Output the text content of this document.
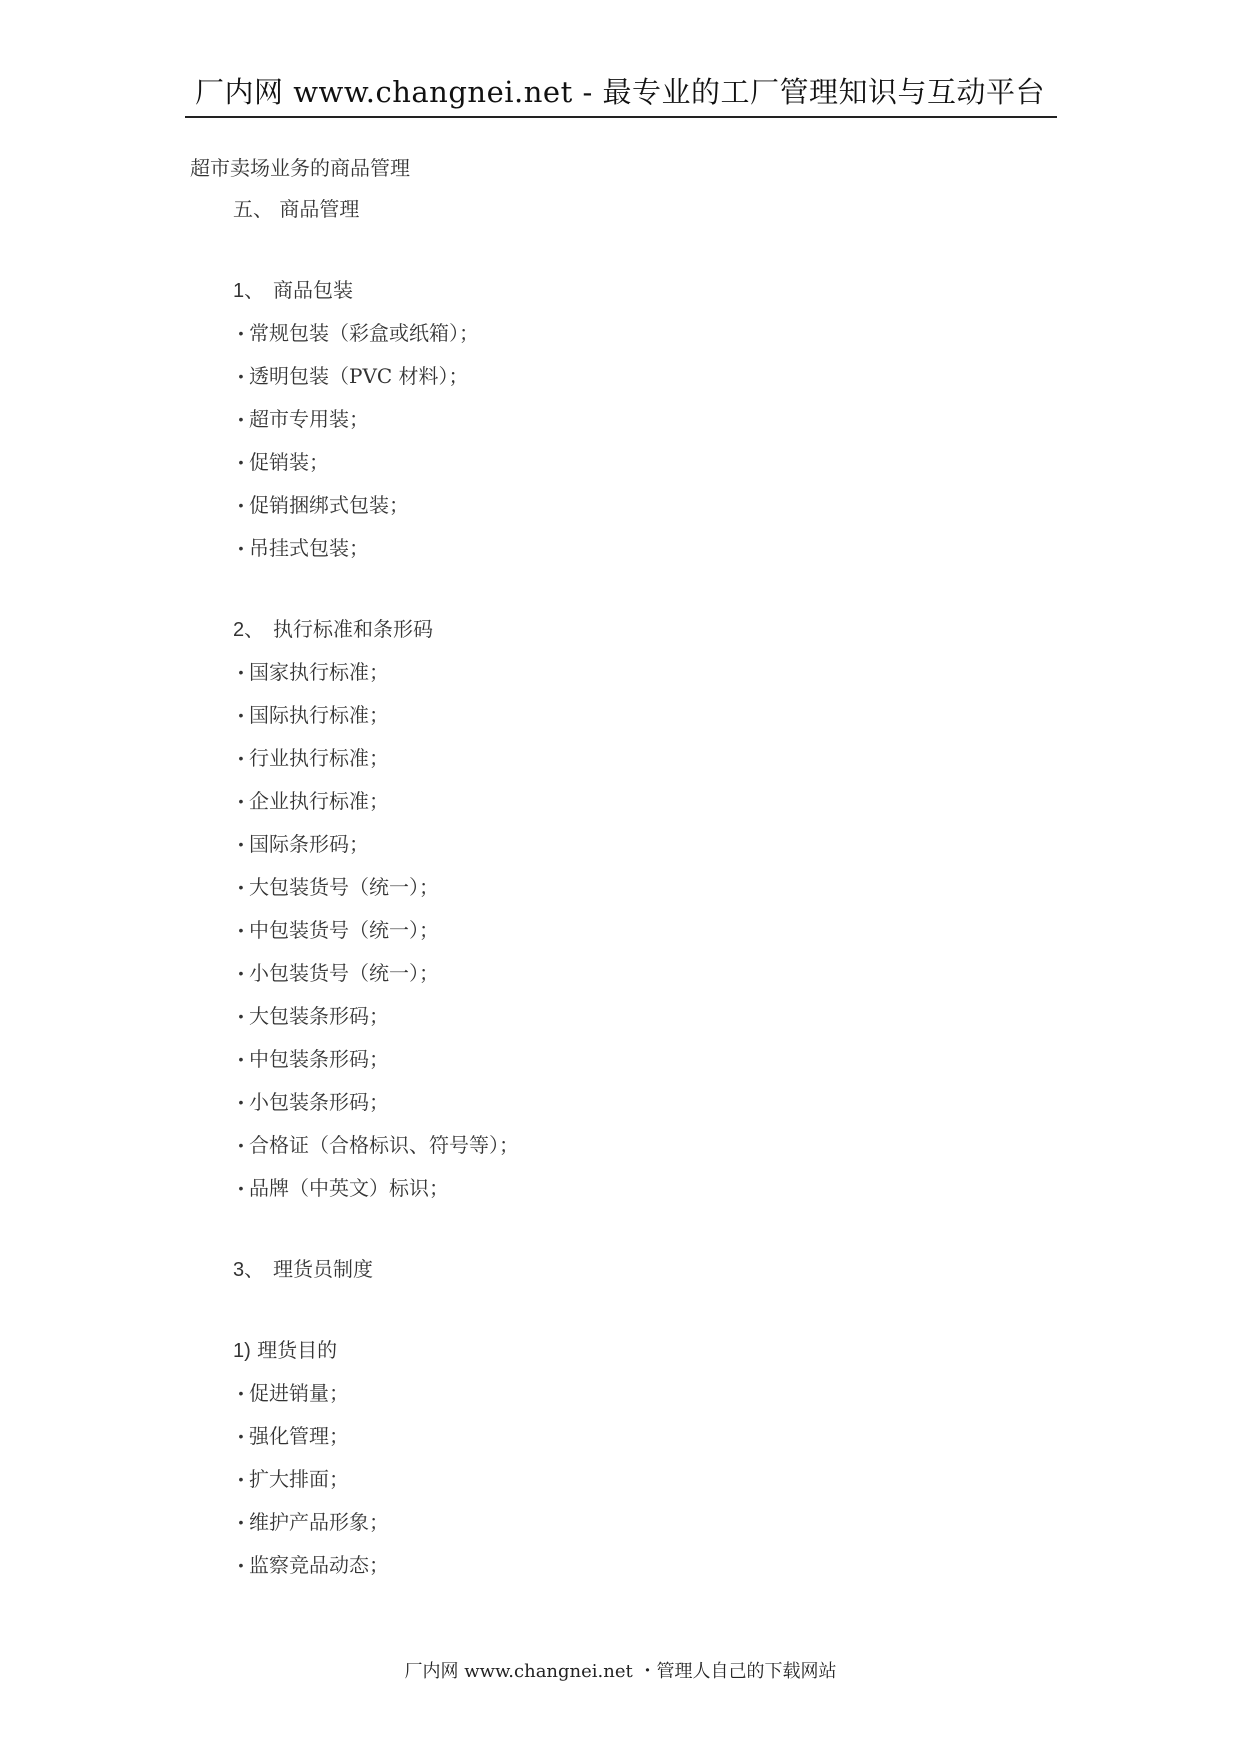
厂内网 www.changnei.net - 最专业的工厂管理知识与互动平台
超市卖场业务的商品管理
五、 商品管理
1、 商品包装
• 常规包装（彩盒或纸箱）；
• 透明包装（PVC 材料）；
• 超市专用装；
• 促销装；
• 促销捆绑式包装；
• 吊挂式包装；
2、 执行标准和条形码
• 国家执行标准；
• 国际执行标准；
• 行业执行标准；
• 企业执行标准；
• 国际条形码；
• 大包装货号（统一）；
• 中包装货号（统一）；
• 小包装货号（统一）；
• 大包装条形码；
• 中包装条形码；
• 小包装条形码；
• 合格证（合格标识、符号等）；
• 品牌（中英文）标识；
3、 理货员制度
1) 理货目的
• 促进销量；
• 强化管理；
• 扩大排面；
• 维护产品形象；
• 监察竞品动态；
厂内网 www.changnei.net ・管理人自己的下载网站
